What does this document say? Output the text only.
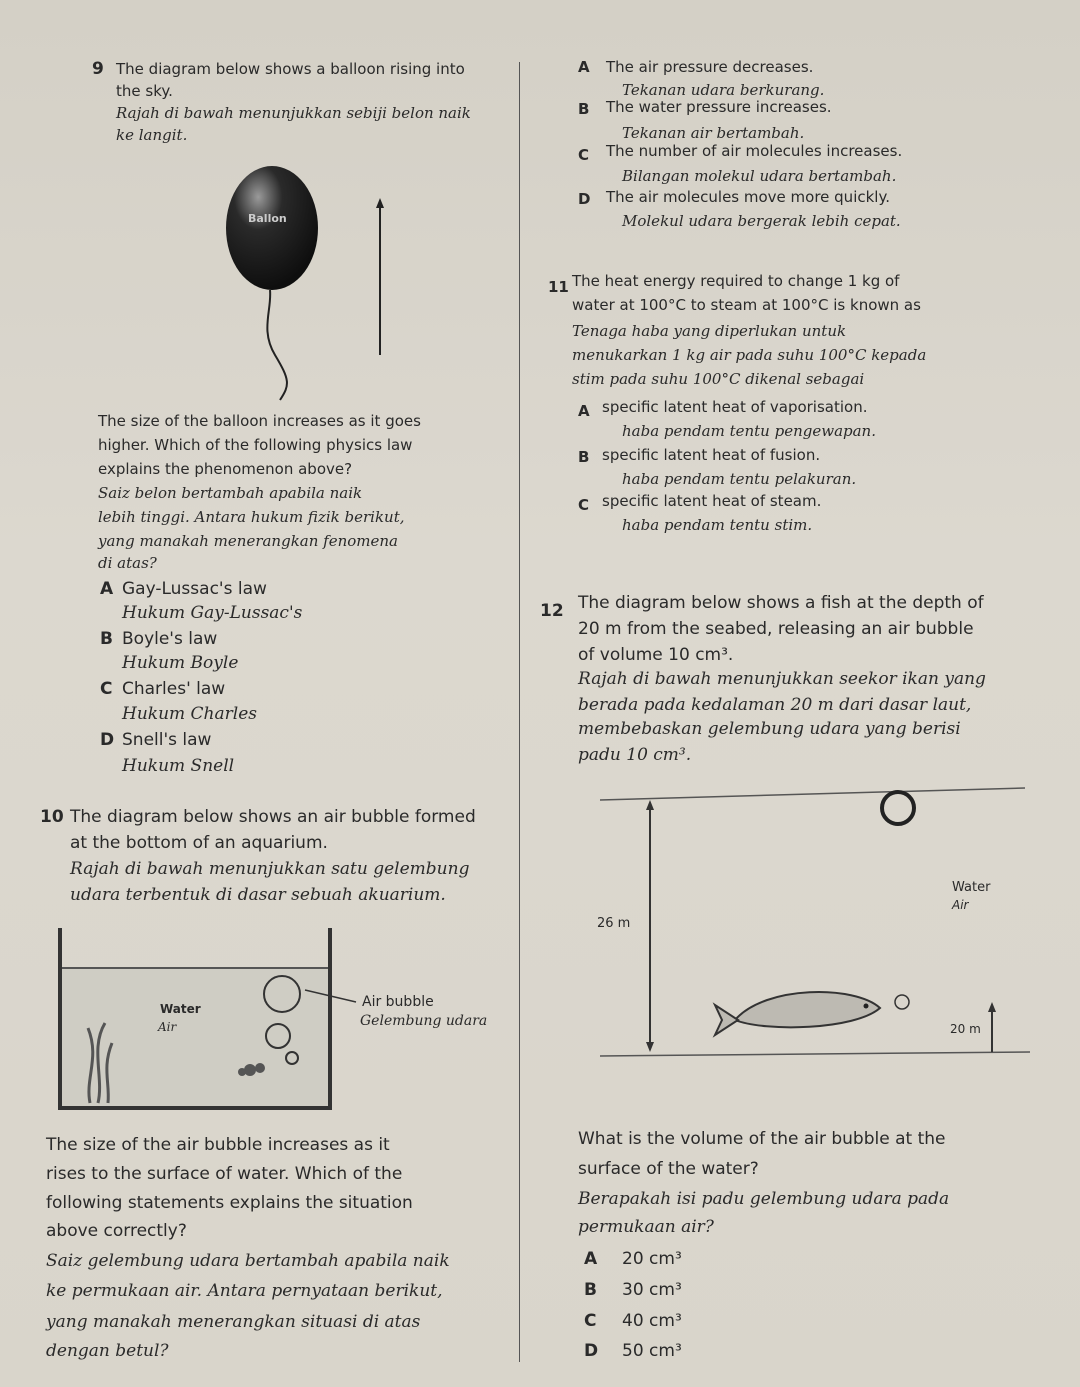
9 The diagram below shows a balloon rising into
the sky.
Rajah di bawah menunjukkan sebiji belon naik
ke langit.
Ballon
The size of the balloon increases as it goes
higher. Which of the following physics law
explains the phenomenon above?
Saiz belon bertambah apabila naik
lebih tinggi. Antara hukum fizik berikut,
yang manakah menerangkan fenomena
di atas?
A Gay-Lussac's law
Hukum Gay-Lussac's
B Boyle's law
Hukum Boyle
C Charles' law
Hukum Charles
D Snell's law
Hukum Snell
10 The diagram below shows an air bubble formed
at the bottom of an aquarium.
Rajah di bawah menunjukkan satu gelembung
udara terbentuk di dasar sebuah akuarium.
Water
Air
Air bubble
Gelembung udara
The size of the air bubble increases as it
rises to the surface of water. Which of the
following statements explains the situation
above correctly?
Saiz gelembung udara bertambah apabila naik
ke permukaan air. Antara pernyataan berikut,
yang manakah menerangkan situasi di atas
dengan betul?
A The air pressure decreases.
Tekanan udara berkurang.
B The water pressure increases.
Tekanan air bertambah.
C The number of air molecules increases.
Bilangan molekul udara bertambah.
D The air molecules move more quickly.
Molekul udara bergerak lebih cepat.
11 The heat energy required to change 1 kg of
water at 100°C to steam at 100°C is known as
Tenaga haba yang diperlukan untuk
menukarkan 1 kg air pada suhu 100°C kepada
stim pada suhu 100°C dikenal sebagai
A specific latent heat of vaporisation.
haba pendam tentu pengewapan.
B specific latent heat of fusion.
haba pendam tentu pelakuran.
C specific latent heat of steam.
haba pendam tentu stim.
12 The diagram below shows a fish at the depth of
20 m from the seabed, releasing an air bubble
of volume 10 cm³.
Rajah di bawah menunjukkan seekor ikan yang
berada pada kedalaman 20 m dari dasar laut,
membebaskan gelembung udara yang berisi
padu 10 cm³.
Water
Air
26 m
20 m
What is the volume of the air bubble at the
surface of the water?
Berapakah isi padu gelembung udara pada
permukaan air?
A 20 cm³
B 30 cm³
C 40 cm³
D 50 cm³
